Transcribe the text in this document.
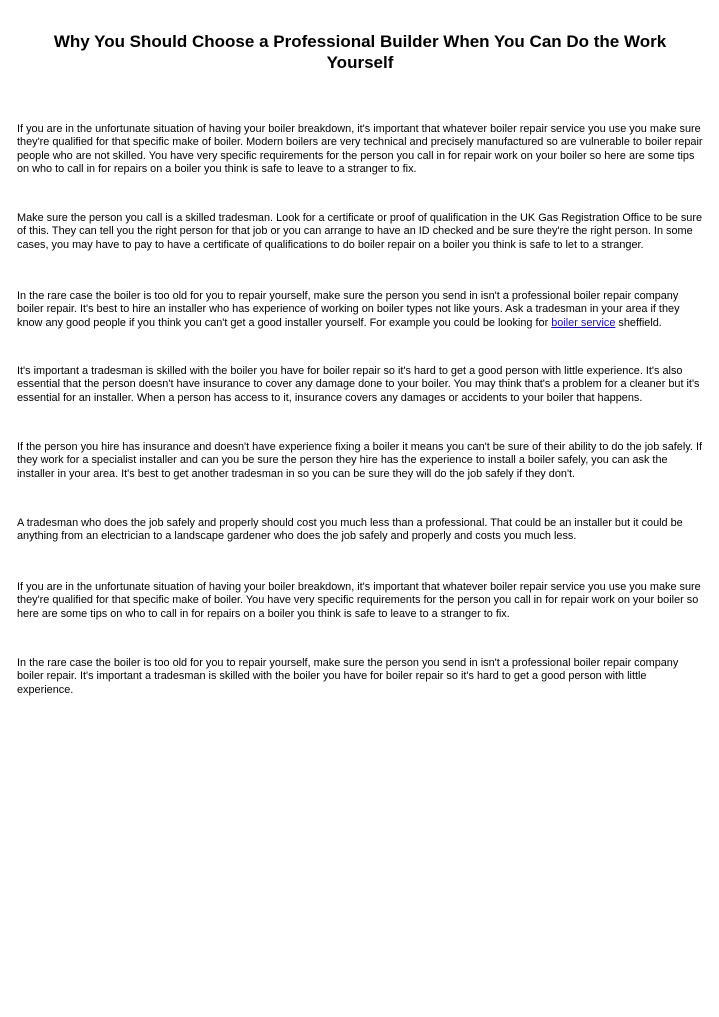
Why You Should Choose a Professional Builder When You Can Do the Work Yourself

If you are in the unfortunate situation of having your boiler breakdown, it's important that whatever boiler repair service you use you make sure they're qualified for that specific make of boiler. Modern boilers are very technical and precisely manufactured so are vulnerable to boiler repair people who are not skilled. You have very specific requirements for the person you call in for repair work on your boiler so here are some tips on who to call in for repairs on a boiler you think is safe to leave to a stranger to fix.

Make sure the person you call is a skilled tradesman. Look for a certificate or proof of qualification in the UK Gas Registration Office to be sure of this. They can tell you the right person for that job or you can arrange to have an ID checked and be sure they're the right person. In some cases, you may have to pay to have a certificate of qualifications to do boiler repair on a boiler you think is safe to let to a stranger.

In the rare case the boiler is too old for you to repair yourself, make sure the person you send in isn't a professional boiler repair company boiler repair. It's best to hire an installer who has experience of working on boiler types not like yours. Ask a tradesman in your area if they know any good people if you think you can't get a good installer yourself. For example you could be looking for boiler service sheffield.

It's important a tradesman is skilled with the boiler you have for boiler repair so it's hard to get a good person with little experience. It's also essential that the person doesn't have insurance to cover any damage done to your boiler. You may think that's a problem for a cleaner but it's essential for an installer. When a person has access to it, insurance covers any damages or accidents to your boiler that happens.

If the person you hire has insurance and doesn't have experience fixing a boiler it means you can't be sure of their ability to do the job safely. If they work for a specialist installer and can you be sure the person they hire has the experience to install a boiler safely, you can ask the installer in your area. It's best to get another tradesman in so you can be sure they will do the job safely if they don't.

A tradesman who does the job safely and properly should cost you much less than a professional. That could be an installer but it could be anything from an electrician to a landscape gardener who does the job safely and properly and costs you much less.

If you are in the unfortunate situation of having your boiler breakdown, it's important that whatever boiler repair service you use you make sure they're qualified for that specific make of boiler. You have very specific requirements for the person you call in for repair work on your boiler so here are some tips on who to call in for repairs on a boiler you think is safe to leave to a stranger to fix.

In the rare case the boiler is too old for you to repair yourself, make sure the person you send in isn't a professional boiler repair company boiler repair. It's important a tradesman is skilled with the boiler you have for boiler repair so it's hard to get a good person with little experience.
